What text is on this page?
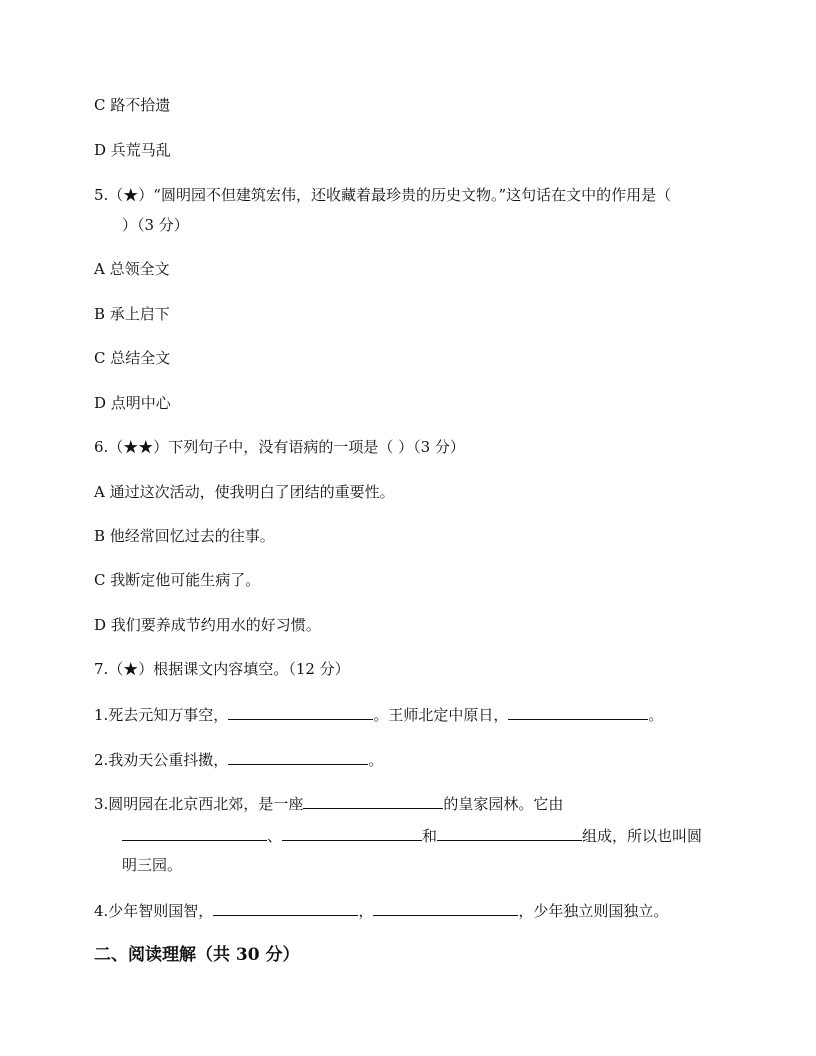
C 路不拾遗
D 兵荒马乱
5.（★）“圆明园不但建筑宏伟，还收藏着最珍贵的历史文物。”这句话在文中的作用是（
）（3 分）
A 总领全文
B 承上启下
C 总结全文
D 点明中心
6.（★★）下列句子中，没有语病的一项是（ ）（3 分）
A 通过这次活动，使我明白了团结的重要性。
B 他经常回忆过去的往事。
C 我断定他可能生病了。
D 我们要养成节约用水的好习惯。
7.（★）根据课文内容填空。（12 分）
1.死去元知万事空，	。王师北定中原日，	。
2.我劝天公重抖擞，	。
3.圆明园在北京西北郊，是一座	的皇家园林。它由
、	和	组成，所以也叫圆
明三园。
4.少年智则国智，	，	，少年独立则国独立。
二、阅读理解（共 30 分）
